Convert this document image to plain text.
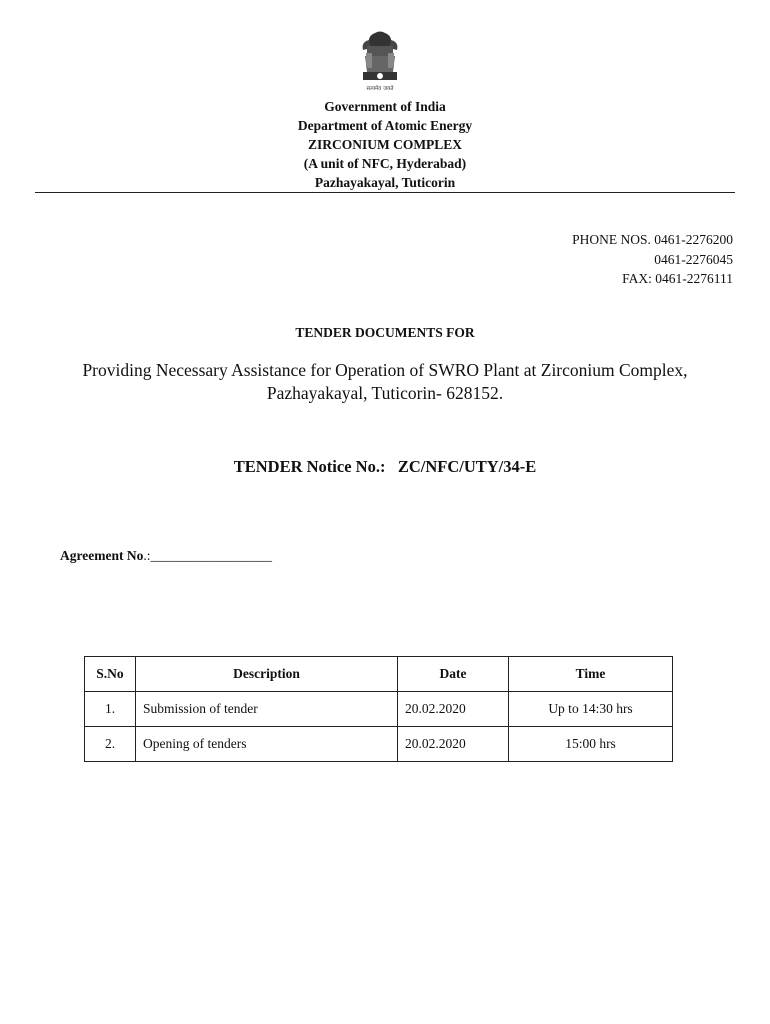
सत्यमेव जयते
Government of India
Department of Atomic Energy
ZIRCONIUM COMPLEX
(A unit of NFC, Hyderabad)
Pazhayakayal, Tuticorin
PHONE NOS. 0461-2276200
0461-2276045
FAX: 0461-2276111
TENDER DOCUMENTS FOR
Providing Necessary Assistance for Operation of SWRO Plant at Zirconium Complex,
Pazhayakayal, Tuticorin- 628152.
TENDER Notice No.: ZC/NFC/UTY/34-E
Agreement No.:__________________
S.No	Description	Date	Time
1.	Submission of tender	20.02.2020	Up to 14:30 hrs
2.	Opening of tenders	20.02.2020	15:00 hrs
